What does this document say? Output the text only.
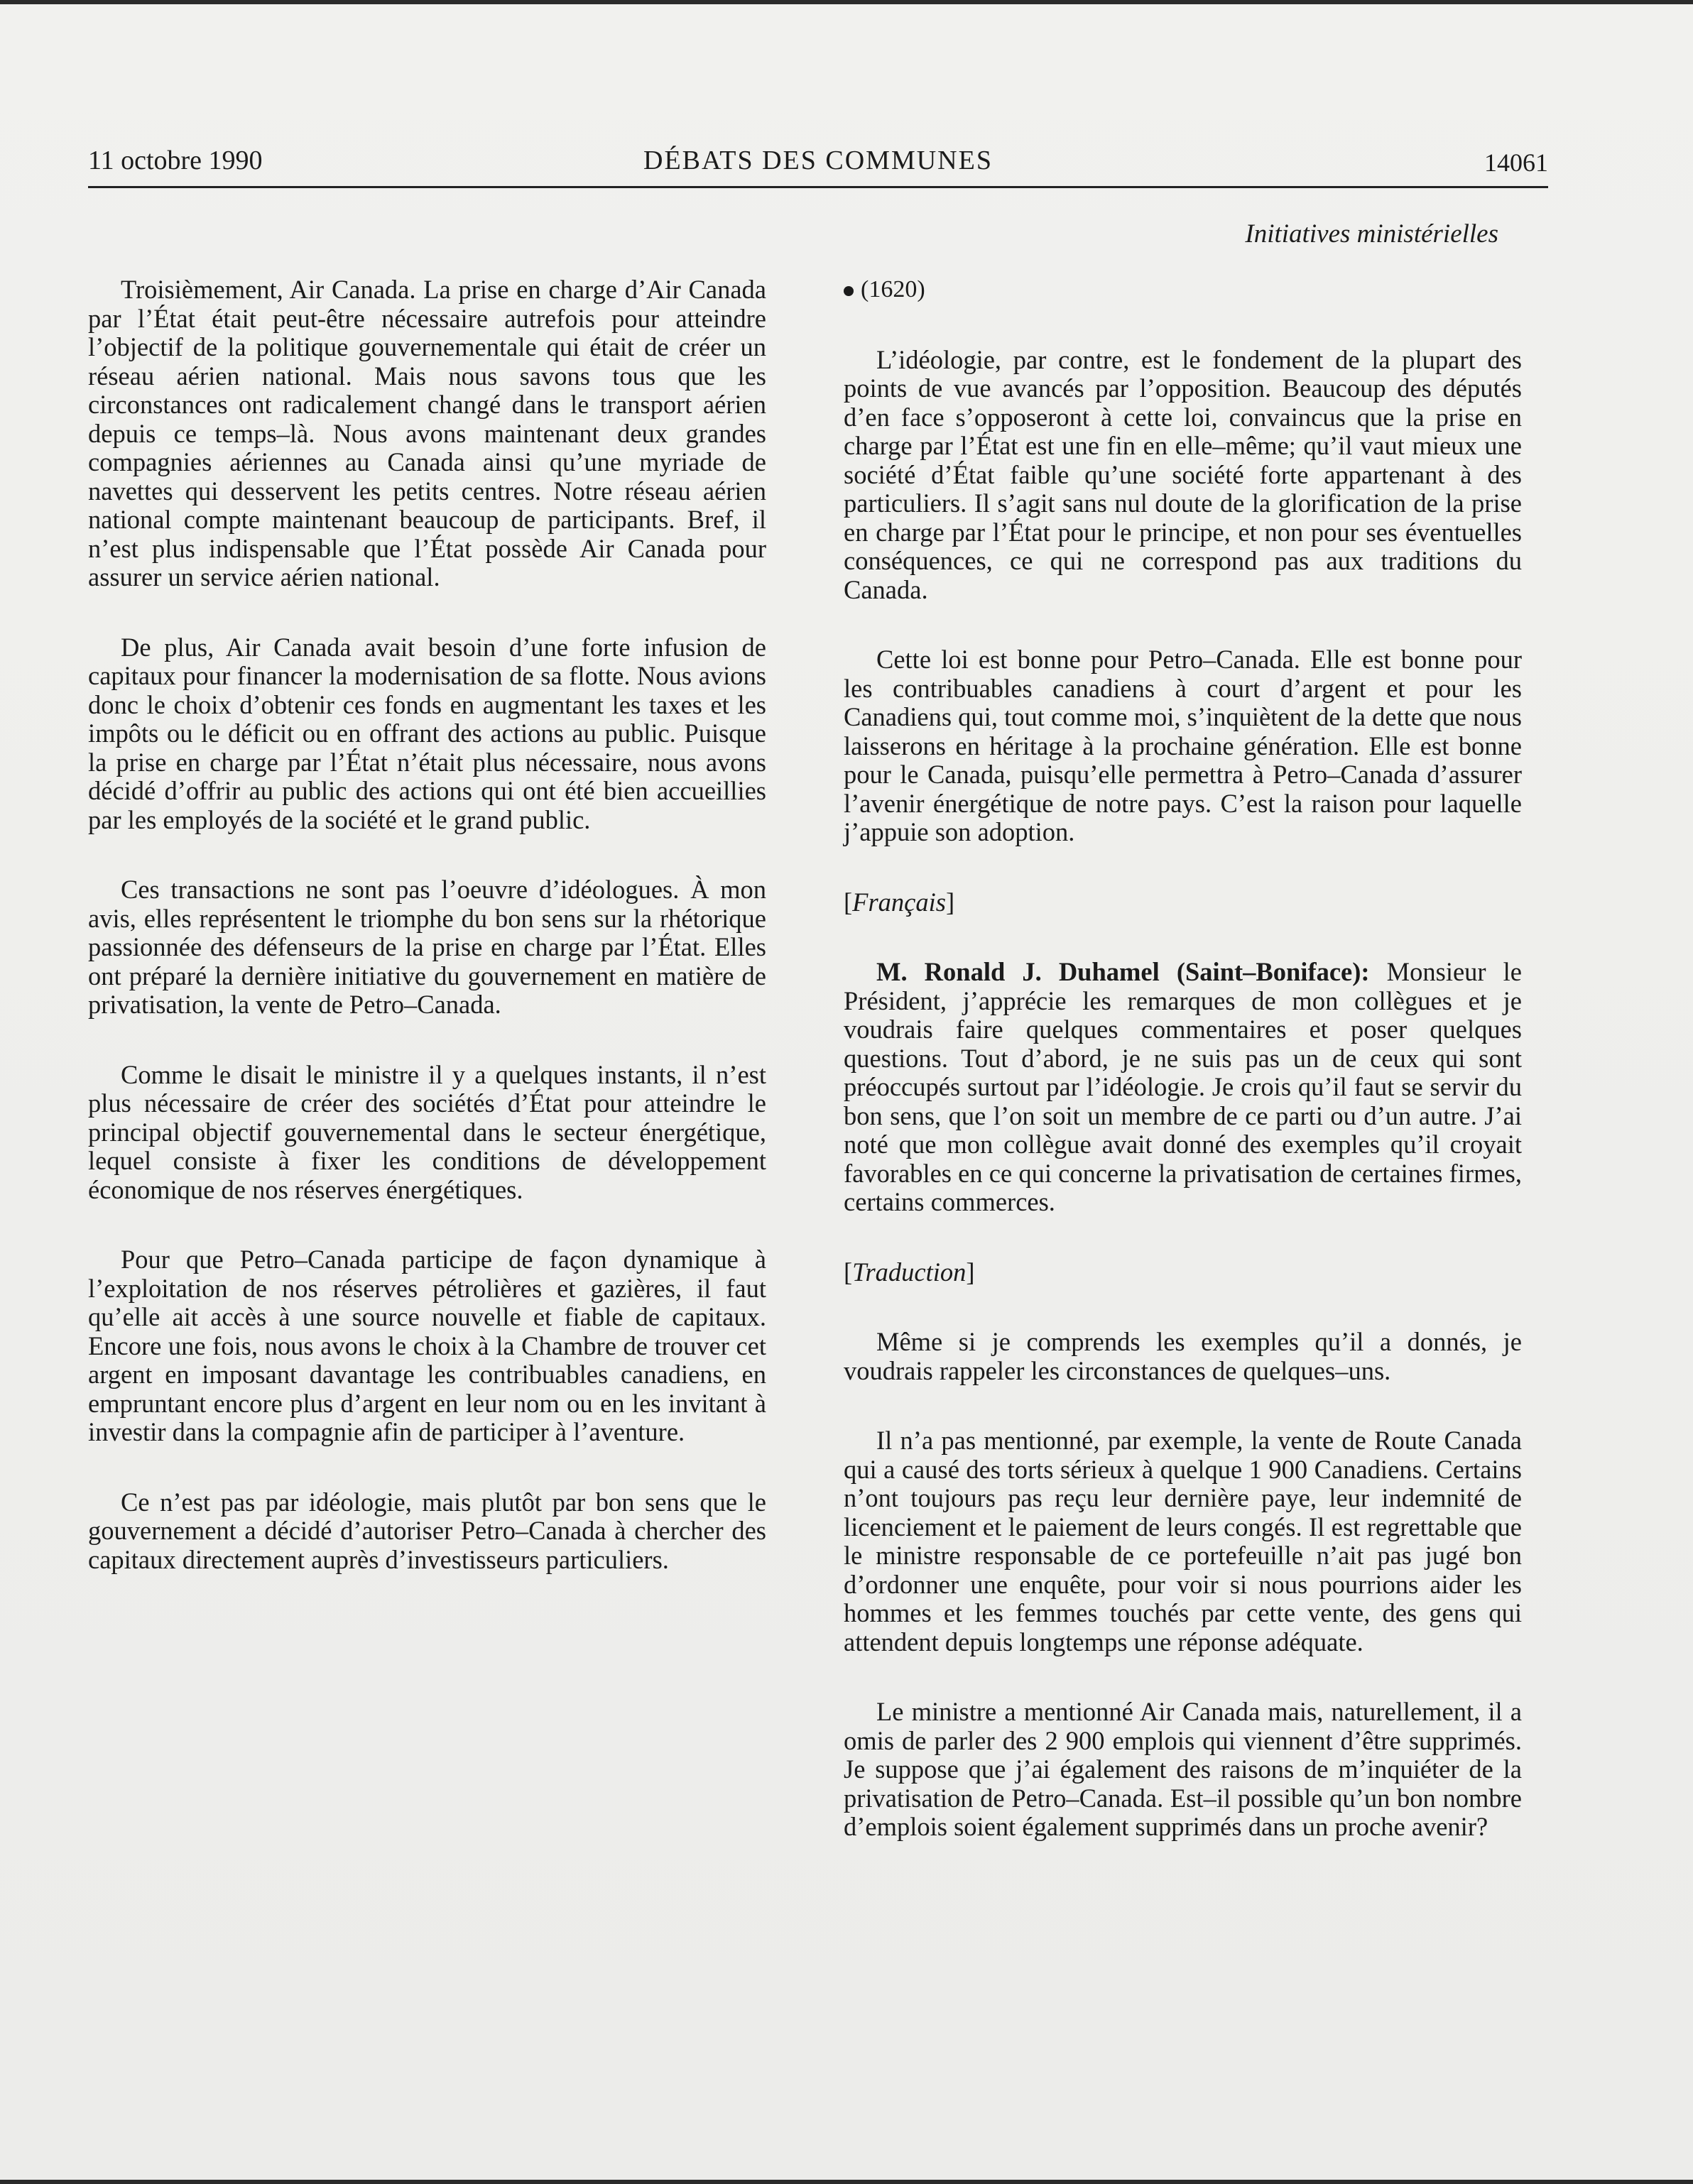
11 octobre 1990	DÉBATS DES COMMUNES	14061
Initiatives ministérielles

Troisièmement, Air Canada. La prise en charge d’Air Canada par l’État était peut-être nécessaire autrefois pour atteindre l’objectif de la politique gouvernementale qui était de créer un réseau aérien national. Mais nous savons tous que les circonstances ont radicalement changé dans le transport aérien depuis ce temps–là. Nous avons maintenant deux grandes compagnies aériennes au Canada ainsi qu’une myriade de navettes qui desservent les petits centres. Notre réseau aérien national compte maintenant beaucoup de participants. Bref, il n’est plus indispensable que l’État possède Air Canada pour assurer un service aérien national.

De plus, Air Canada avait besoin d’une forte infusion de capitaux pour financer la modernisation de sa flotte. Nous avions donc le choix d’obtenir ces fonds en augmentant les taxes et les impôts ou le déficit ou en offrant des actions au public. Puisque la prise en charge par l’État n’était plus nécessaire, nous avons décidé d’offrir au public des actions qui ont été bien accueillies par les employés de la société et le grand public.

Ces transactions ne sont pas l’oeuvre d’idéologues. À mon avis, elles représentent le triomphe du bon sens sur la rhétorique passionnée des défenseurs de la prise en charge par l’État. Elles ont préparé la dernière initiative du gouvernement en matière de privatisation, la vente de Petro–Canada.

Comme le disait le ministre il y a quelques instants, il n’est plus nécessaire de créer des sociétés d’État pour atteindre le principal objectif gouvernemental dans le secteur énergétique, lequel consiste à fixer les conditions de développement économique de nos réserves énergétiques.

Pour que Petro–Canada participe de façon dynamique à l’exploitation de nos réserves pétrolières et gazières, il faut qu’elle ait accès à une source nouvelle et fiable de capitaux. Encore une fois, nous avons le choix à la Chambre de trouver cet argent en imposant davantage les contribuables canadiens, en empruntant encore plus d’argent en leur nom ou en les invitant à investir dans la compagnie afin de participer à l’aventure.

Ce n’est pas par idéologie, mais plutôt par bon sens que le gouvernement a décidé d’autoriser Petro–Canada à chercher des capitaux directement auprès d’investisseurs particuliers.

(1620)

L’idéologie, par contre, est le fondement de la plupart des points de vue avancés par l’opposition. Beaucoup des députés d’en face s’opposeront à cette loi, convaincus que la prise en charge par l’État est une fin en elle–même; qu’il vaut mieux une société d’État faible qu’une société forte appartenant à des particuliers. Il s’agit sans nul doute de la glorification de la prise en charge par l’État pour le principe, et non pour ses éventuelles conséquences, ce qui ne correspond pas aux traditions du Canada.

Cette loi est bonne pour Petro–Canada. Elle est bonne pour les contribuables canadiens à court d’argent et pour les Canadiens qui, tout comme moi, s’inquiètent de la dette que nous laisserons en héritage à la prochaine génération. Elle est bonne pour le Canada, puisqu’elle permettra à Petro–Canada d’assurer l’avenir énergétique de notre pays. C’est la raison pour laquelle j’appuie son adoption.

[Français]

M. Ronald J. Duhamel (Saint–Boniface): Monsieur le Président, j’apprécie les remarques de mon collègues et je voudrais faire quelques commentaires et poser quelques questions. Tout d’abord, je ne suis pas un de ceux qui sont préoccupés surtout par l’idéologie. Je crois qu’il faut se servir du bon sens, que l’on soit un membre de ce parti ou d’un autre. J’ai noté que mon collègue avait donné des exemples qu’il croyait favorables en ce qui concerne la privatisation de certaines firmes, certains commerces.

[Traduction]

Même si je comprends les exemples qu’il a donnés, je voudrais rappeler les circonstances de quelques–uns.

Il n’a pas mentionné, par exemple, la vente de Route Canada qui a causé des torts sérieux à quelque 1 900 Canadiens. Certains n’ont toujours pas reçu leur dernière paye, leur indemnité de licenciement et le paiement de leurs congés. Il est regrettable que le ministre responsable de ce portefeuille n’ait pas jugé bon d’ordonner une enquête, pour voir si nous pourrions aider les hommes et les femmes touchés par cette vente, des gens qui attendent depuis longtemps une réponse adéquate.

Le ministre a mentionné Air Canada mais, naturellement, il a omis de parler des 2 900 emplois qui viennent d’être supprimés. Je suppose que j’ai également des raisons de m’inquiéter de la privatisation de Petro–Canada. Est–il possible qu’un bon nombre d’emplois soient également supprimés dans un proche avenir?
